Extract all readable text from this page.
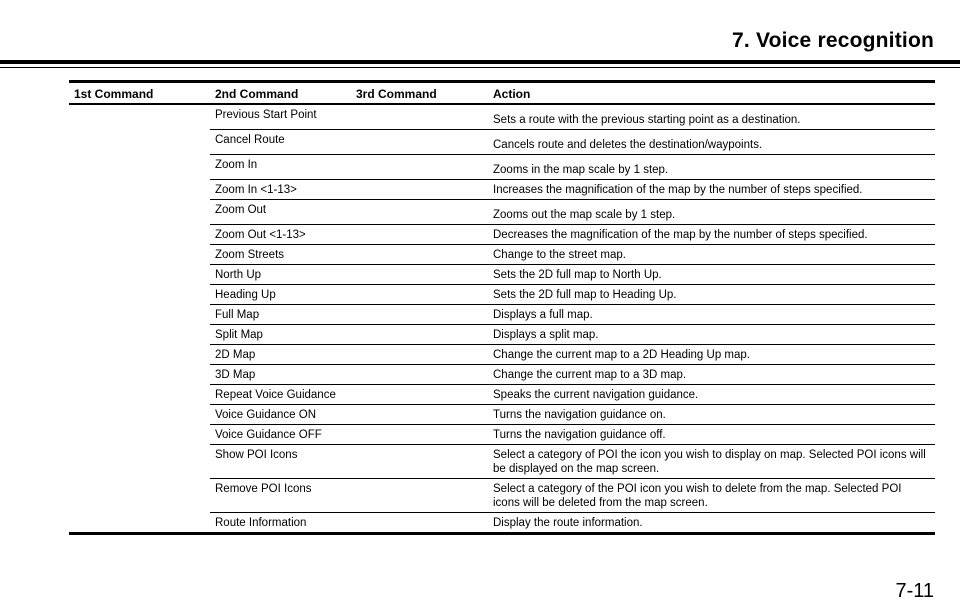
7. Voice recognition
1st Command	2nd Command	3rd Command	Action
	Previous Start Point		Sets a route with the previous starting point as a destination.
	Cancel Route		Cancels route and deletes the destination/waypoints.
	Zoom In		Zooms in the map scale by 1 step.
	Zoom In <1-13>		Increases the magnification of the map by the number of steps specified.
	Zoom Out		Zooms out the map scale by 1 step.
	Zoom Out <1-13>		Decreases the magnification of the map by the number of steps specified.
	Zoom Streets		Change to the street map.
	North Up		Sets the 2D full map to North Up.
	Heading Up		Sets the 2D full map to Heading Up.
	Full Map		Displays a full map.
	Split Map		Displays a split map.
	2D Map		Change the current map to a 2D Heading Up map.
	3D Map		Change the current map to a 3D map.
	Repeat Voice Guidance		Speaks the current navigation guidance.
	Voice Guidance ON		Turns the navigation guidance on.
	Voice Guidance OFF		Turns the navigation guidance off.
	Show POI Icons		Select a category of POI the icon you wish to display on map. Selected POI icons will be displayed on the map screen.
	Remove POI Icons		Select a category of the POI icon you wish to delete from the map. Selected POI icons will be deleted from the map screen.
	Route Information		Display the route information.
7-11
